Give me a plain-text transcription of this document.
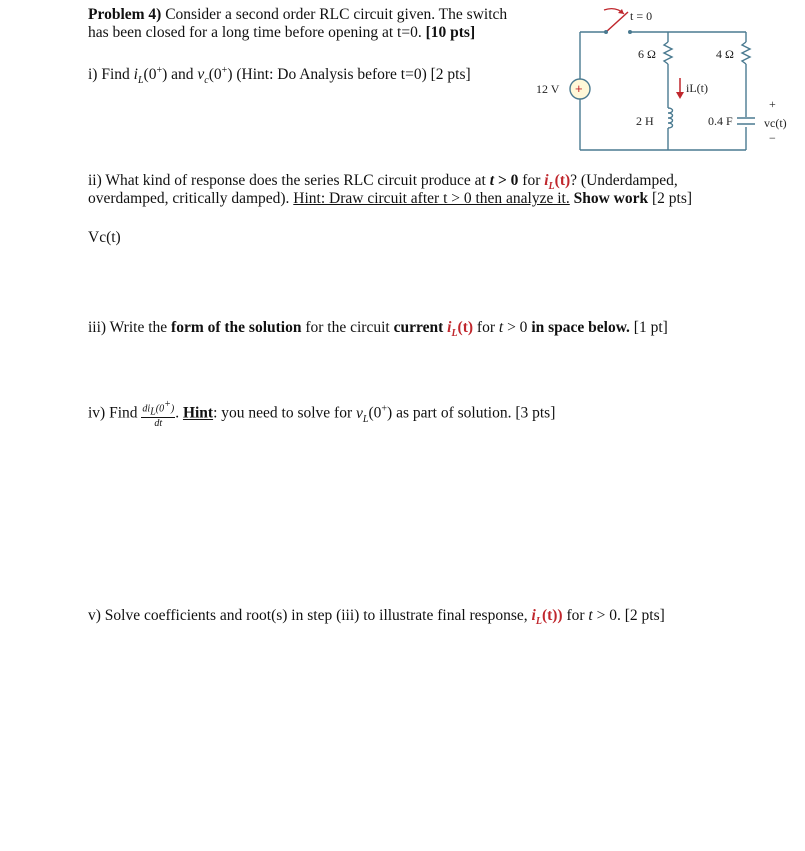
Problem 4) Consider a second order RLC circuit given. The switch
has been closed for a long time before opening at t=0. [10 pts]
i) Find $i_L(0^+)$ and $v_c(0^+)$ (Hint: Do Analysis before t=0) [2 pts]
t = 0
+
12 V
6 Ω	4 Ω
2 H	0.4 F
iL(t)
+
vc(t)
−
ii) What kind of response does the series RLC circuit produce at t > 0 for $i_L(t)$? (Underdamped,
overdamped, critically damped). Hint: Draw circuit after t > 0 then analyze it. Show work [2 pts]
Vc(t)
iii) Write the form of the solution for the circuit current $i_L(t)$ for t > 0 in space below. [1 pt]
iv) Find $\frac{di_L(0^+)}{dt}$ . Hint: you need to solve for $v_L(0^+)$ as part of solution. [3 pts]
v) Solve coefficients and root(s) in step (iii) to illustrate final response, $i_L(t)$) for t > 0. [2 pts]
